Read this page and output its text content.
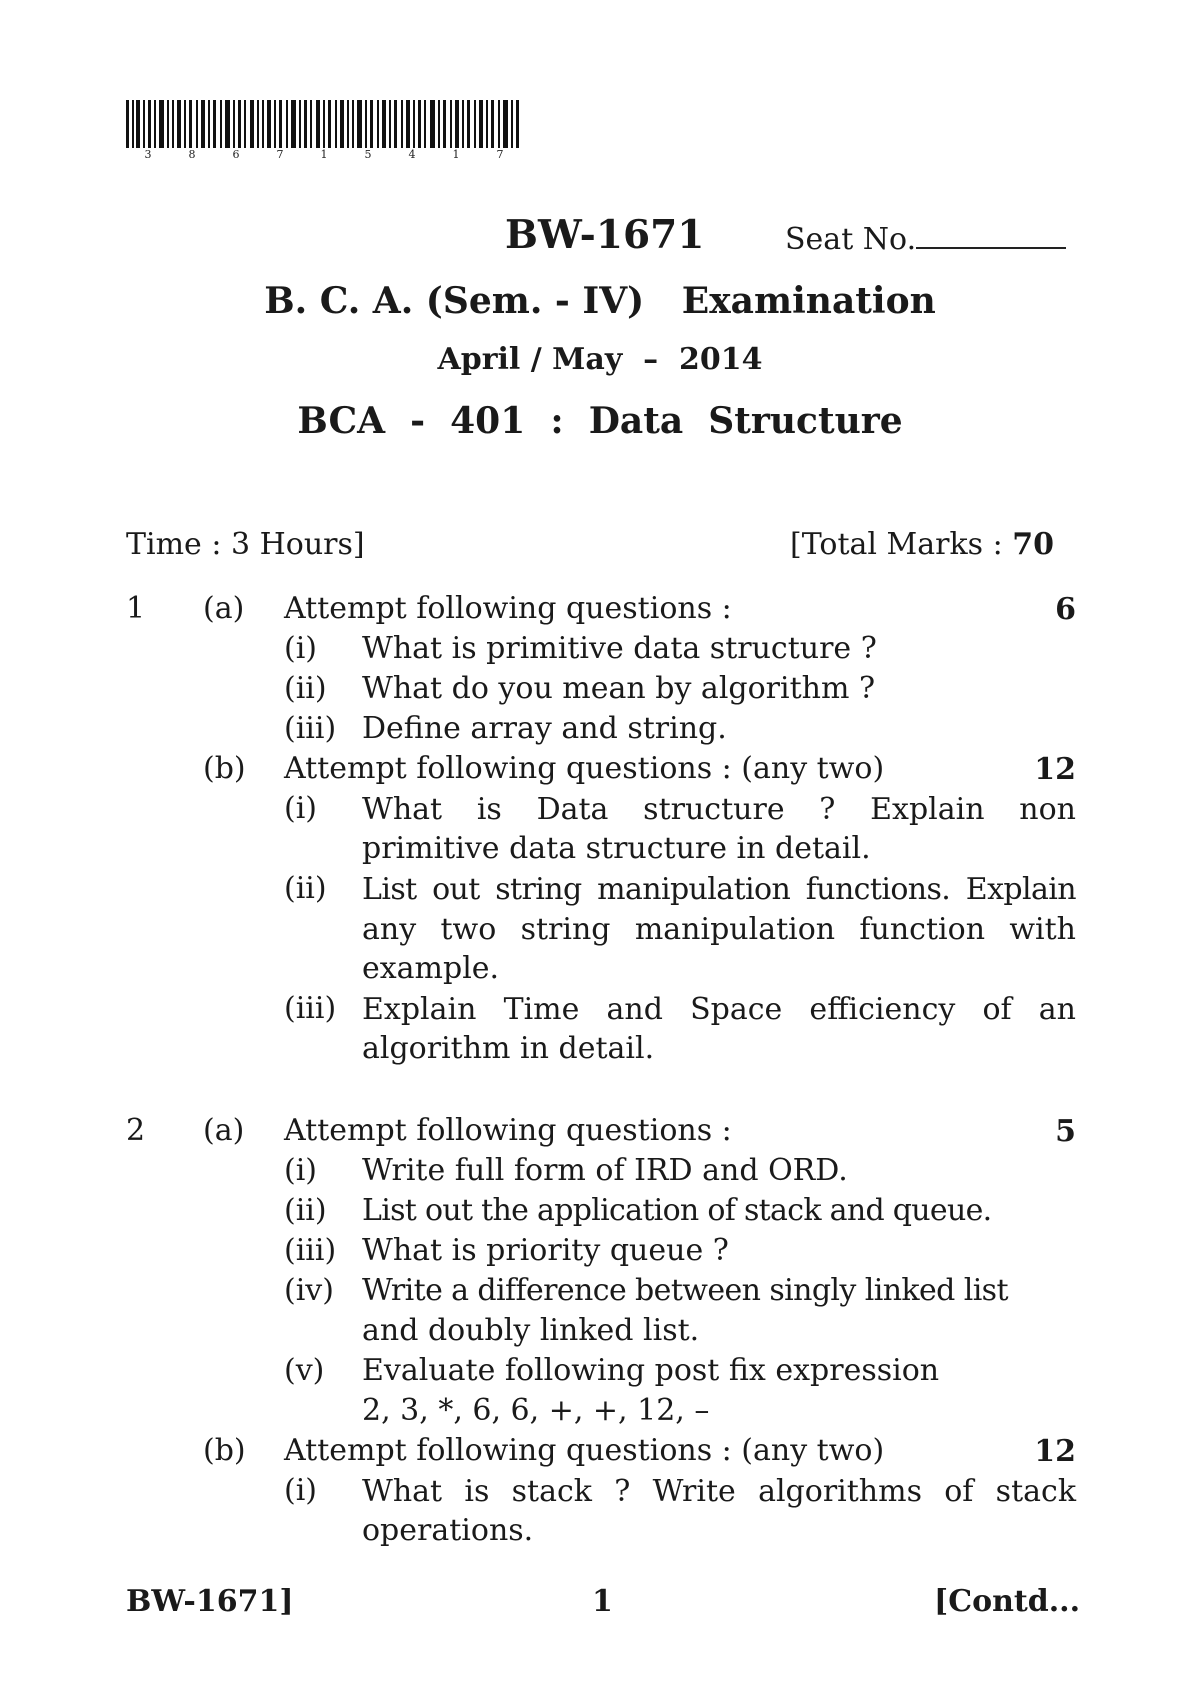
3	8	6	7	1	5	4	1	7
BW-1671	Seat No.
B. C. A. (Sem. - IV)   Examination
April / May  –  2014
BCA  -  401  :  Data  Structure
Time : 3 Hours]	[Total Marks : 70
1 (a) Attempt following questions :	6
(i) What is primitive data structure ?
(ii) What do you mean by algorithm ?
(iii) Define array and string.
(b) Attempt following questions : (any two)	12
(i) What is Data structure ? Explain non
primitive data structure in detail.
(ii) List out string manipulation functions. Explain
any two string manipulation function with
example.
(iii) Explain Time and Space efficiency of an
algorithm in detail.
2 (a) Attempt following questions :	5
(i) Write full form of IRD and ORD.
(ii) List out the application of stack and queue.
(iii) What is priority queue ?
(iv) Write a difference between singly linked list
and doubly linked list.
(v) Evaluate following post fix expression
2, 3, *, 6, 6, +, +, 12, –
(b) Attempt following questions : (any two)	12
(i) What is stack ? Write algorithms of stack
operations.
BW-1671]	1	[Contd...
